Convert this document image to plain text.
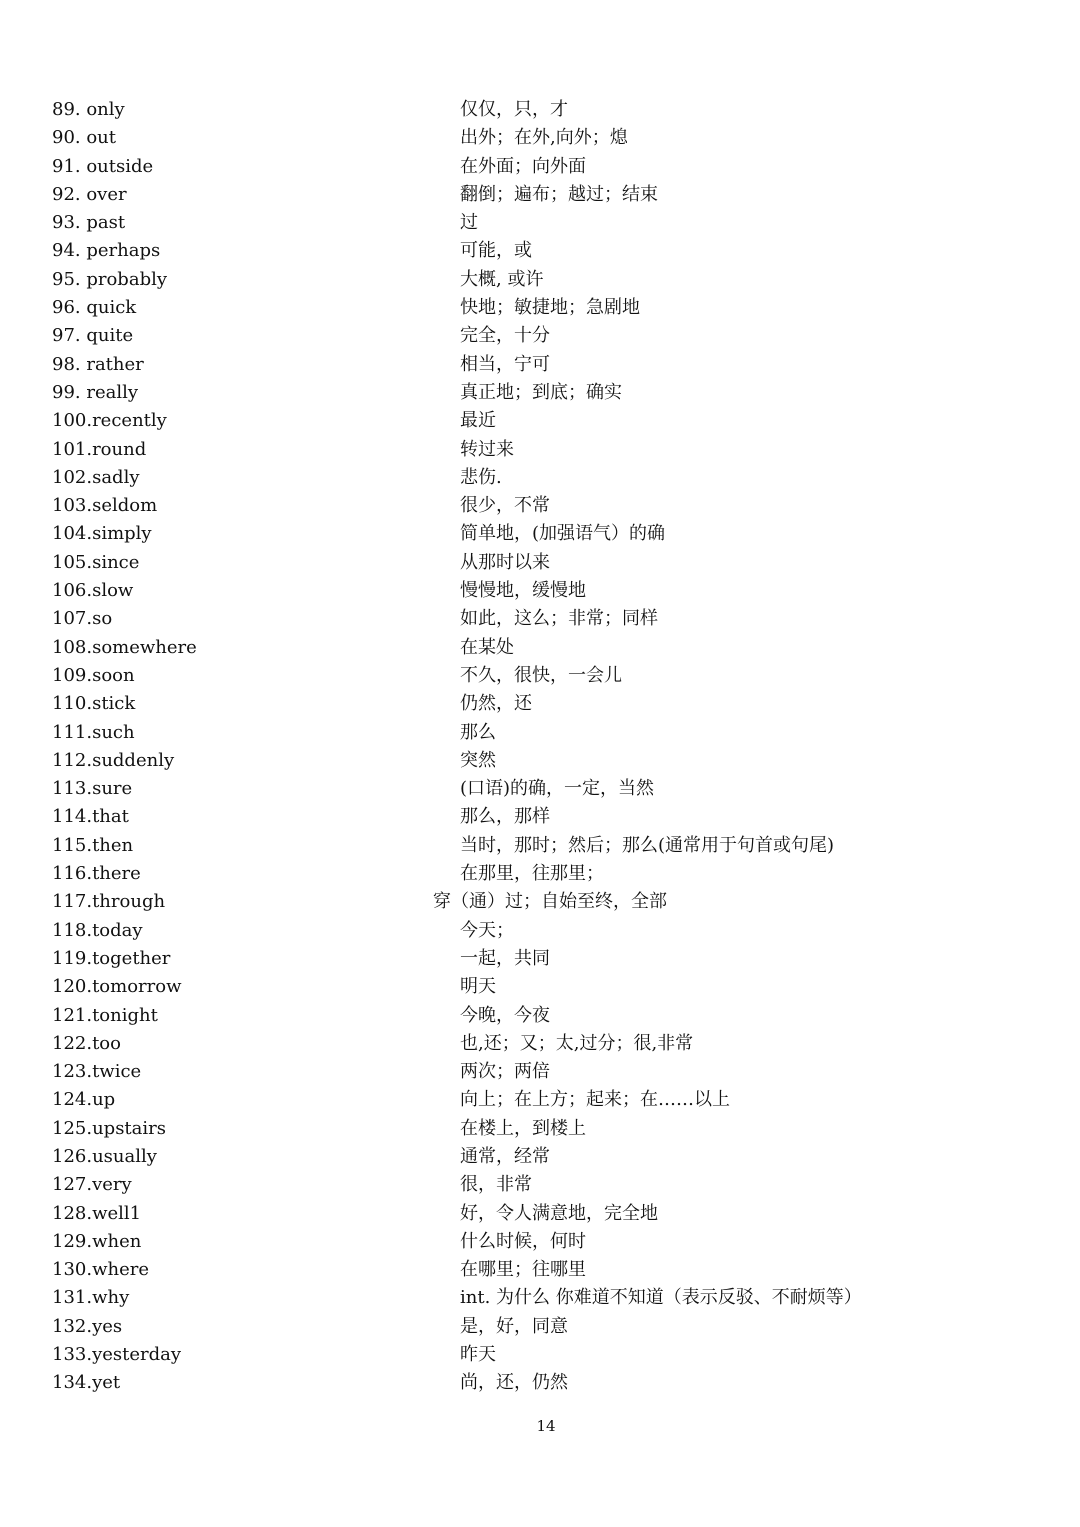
89. only	仅仅，只，才
90. out	出外；在外,向外；熄
91. outside	在外面；向外面
92. over	翻倒；遍布；越过；结束
93. past	过
94. perhaps	可能，或
95. probably	大概, 或许
96. quick	快地；敏捷地；急剧地
97. quite	完全，十分
98. rather	相当，宁可
99. really	真正地；到底；确实
100.recently	最近
101.round	转过来
102.sadly	悲伤.
103.seldom	很少，不常
104.simply	简单地，(加强语气）的确
105.since	从那时以来
106.slow	慢慢地，缓慢地
107.so	如此，这么；非常；同样
108.somewhere	在某处
109.soon	不久，很快，一会儿
110.stick	仍然，还
111.such	那么
112.suddenly	突然
113.sure	(口语)的确，一定，当然
114.that	那么，那样
115.then	当时，那时；然后；那么(通常用于句首或句尾)
116.there	在那里，往那里；
117.through	穿（通）过；自始至终，全部
118.today	今天；
119.together	一起，共同
120.tomorrow	明天
121.tonight	今晚，今夜
122.too	也,还；又；太,过分；很,非常
123.twice	两次；两倍
124.up	向上；在上方；起来；在……以上
125.upstairs	在楼上，到楼上
126.usually	通常，经常
127.very	很，非常
128.well1	好，令人满意地，完全地
129.when	什么时候，何时
130.where	在哪里；往哪里
131.why	int. 为什么 你难道不知道（表示反驳、不耐烦等）
132.yes	是，好，同意
133.yesterday	昨天
134.yet	尚，还，仍然
14
